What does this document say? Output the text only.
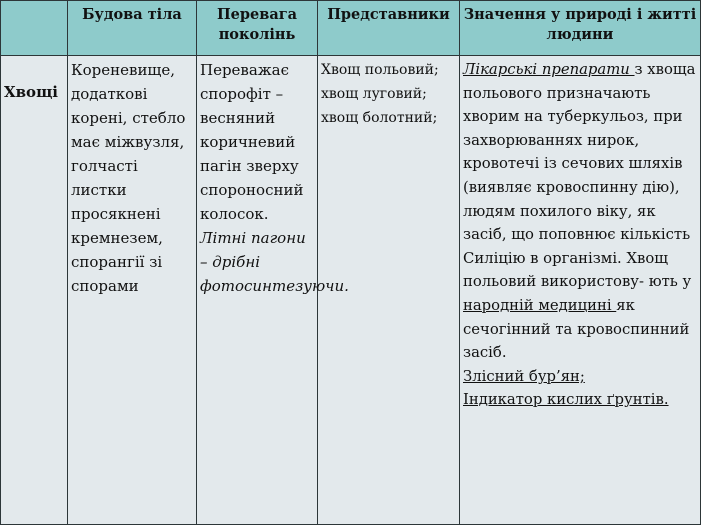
	Будова тіла	Перевага поколінь	Представники	Значення у природі і житті людини
Хвощі	Кореневище, додаткові корені, стебло має міжвузля, голчасті листки просякнені кремнезем, спорангії зі спорами	Переважає спорофіт – весняний коричневий пагін зверху спороносний колосок. Літні пагони – дрібні фотосинтезуючи.	Хвощ польовий; хвощ луговий; хвощ болотний;	Лікарські препарати з хвоща польового призначають хворим на туберкульоз, при захворюваннях нирок, кровотечі із сечових шляхів (виявляє кровоспинну дію), людям похилого віку, як засіб, що поповнює кількість Силіцію в організмі. Хвощ польовий використову- ють у народній медицині як сечогінний та кровоспинний засіб.
Злісний бур’ян;
Індикатор кислих ґрунтів.
